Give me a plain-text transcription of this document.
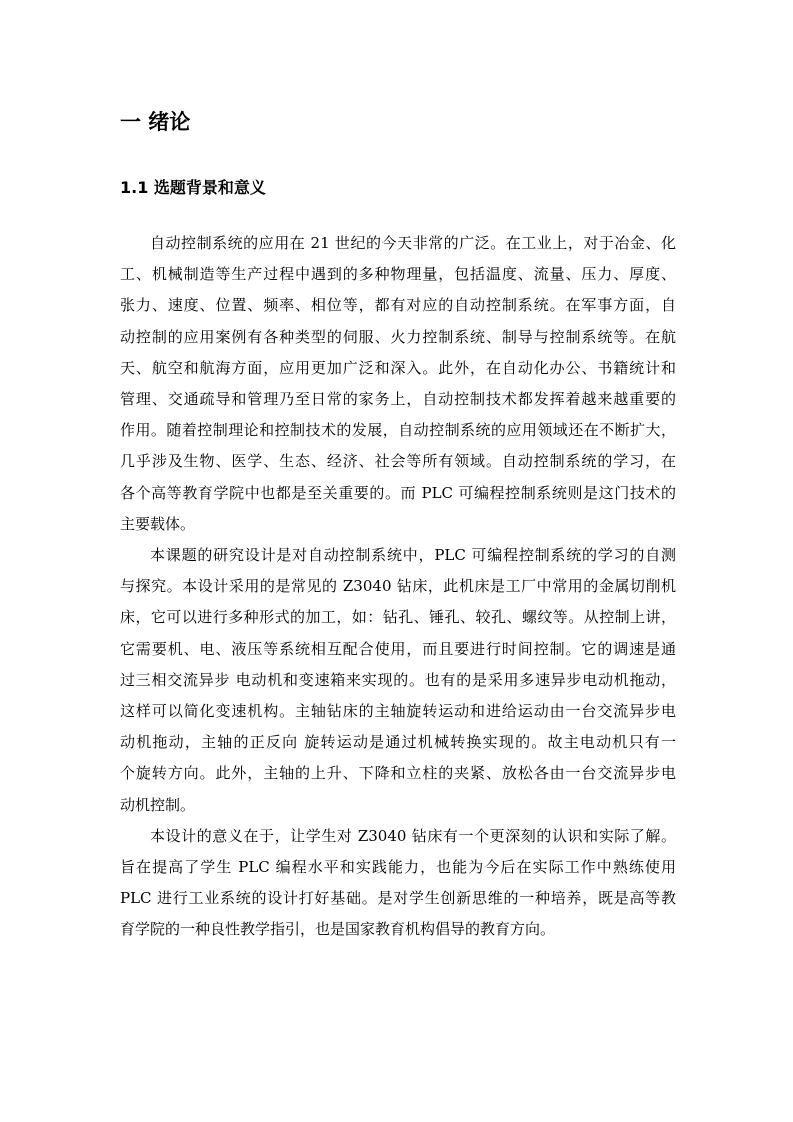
一 绪论
1.1 选题背景和意义

自动控制系统的应用在 21 世纪的今天非常的广泛。在工业上，对于冶金、化
工、机械制造等生产过程中遇到的多种物理量，包括温度、流量、压力、厚度、
张力、速度、位置、频率、相位等，都有对应的自动控制系统。在军事方面，自
动控制的应用案例有各种类型的伺服、火力控制系统、制导与控制系统等。在航
天、航空和航海方面，应用更加广泛和深入。此外，在自动化办公、书籍统计和
管理、交通疏导和管理乃至日常的家务上，自动控制技术都发挥着越来越重要的
作用。随着控制理论和控制技术的发展，自动控制系统的应用领域还在不断扩大，
几乎涉及生物、医学、生态、经济、社会等所有领域。自动控制系统的学习，在
各个高等教育学院中也都是至关重要的。而 PLC 可编程控制系统则是这门技术的
主要载体。

本课题的研究设计是对自动控制系统中，PLC 可编程控制系统的学习的自测
与探究。本设计采用的是常见的 Z3040 钻床，此机床是工厂中常用的金属切削机
床，它可以进行多种形式的加工，如：钻孔、锤孔、较孔、螺纹等。从控制上讲，
它需要机、电、液压等系统相互配合使用，而且要进行时间控制。它的调速是通
过三相交流异步 电动机和变速箱来实现的。也有的是采用多速异步电动机拖动，
这样可以简化变速机构。主轴钻床的主轴旋转运动和进给运动由一台交流异步电
动机拖动，主轴的正反向 旋转运动是通过机械转换实现的。故主电动机只有一
个旋转方向。此外，主轴的上升、下降和立柱的夹紧、放松各由一台交流异步电
动机控制。

本设计的意义在于，让学生对 Z3040 钻床有一个更深刻的认识和实际了解。
旨在提高了学生 PLC 编程水平和实践能力，也能为今后在实际工作中熟练使用
PLC 进行工业系统的设计打好基础。是对学生创新思维的一种培养，既是高等教
育学院的一种良性教学指引，也是国家教育机构倡导的教育方向。
